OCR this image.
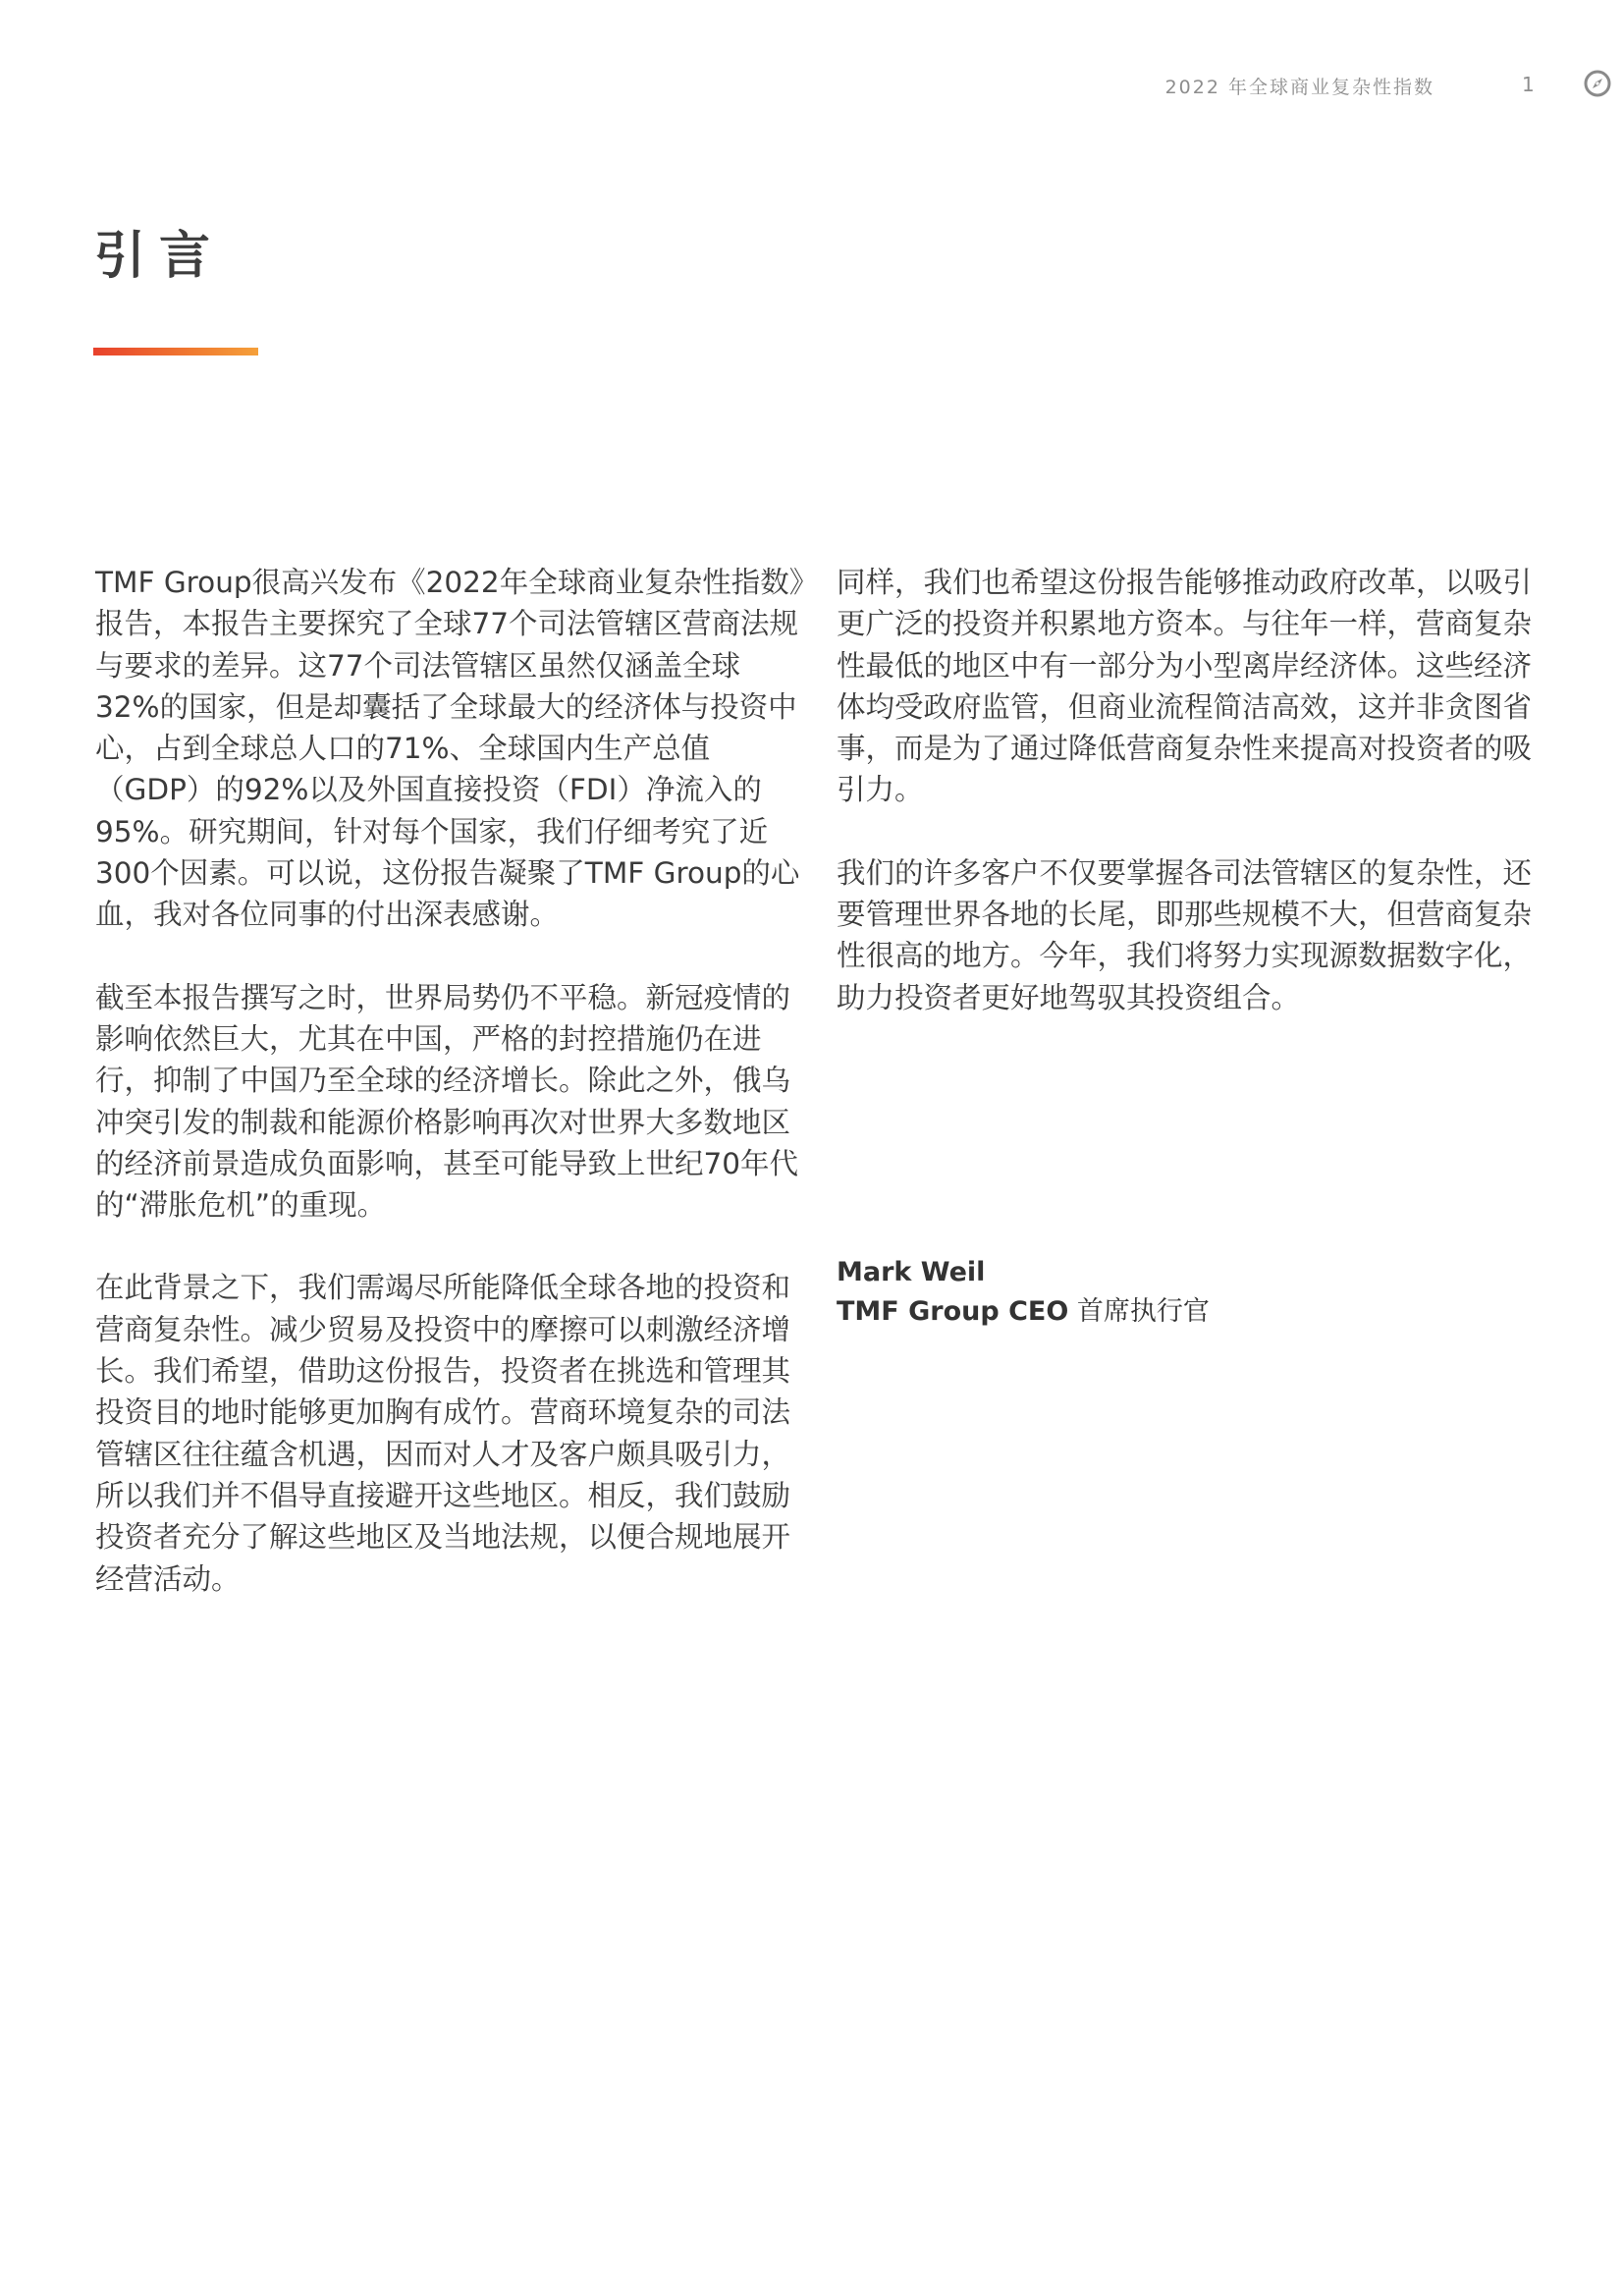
2022 年全球商业复杂性指数	1
引言

TMF Group很高兴发布《2022年全球商业复杂性指数》报告，本报告主要探究了全球77个司法管辖区营商法规与要求的差异。这77个司法管辖区虽然仅涵盖全球32%的国家，但是却囊括了全球最大的经济体与投资中心，占到全球总人口的71%、全球国内生产总值（GDP）的92%以及外国直接投资（FDI）净流入的95%。研究期间，针对每个国家，我们仔细考究了近300个因素。可以说，这份报告凝聚了TMF Group的心血，我对各位同事的付出深表感谢。

截至本报告撰写之时，世界局势仍不平稳。新冠疫情的影响依然巨大，尤其在中国，严格的封控措施仍在进行，抑制了中国乃至全球的经济增长。除此之外，俄乌冲突引发的制裁和能源价格影响再次对世界大多数地区的经济前景造成负面影响，甚至可能导致上世纪70年代的“滞胀危机”的重现。

在此背景之下，我们需竭尽所能降低全球各地的投资和营商复杂性。减少贸易及投资中的摩擦可以刺激经济增长。我们希望，借助这份报告，投资者在挑选和管理其投资目的地时能够更加胸有成竹。营商环境复杂的司法管辖区往往蕴含机遇，因而对人才及客户颇具吸引力，所以我们并不倡导直接避开这些地区。相反，我们鼓励投资者充分了解这些地区及当地法规，以便合规地展开经营活动。

同样，我们也希望这份报告能够推动政府改革，以吸引更广泛的投资并积累地方资本。与往年一样，营商复杂性最低的地区中有一部分为小型离岸经济体。这些经济体均受政府监管，但商业流程简洁高效，这并非贪图省事，而是为了通过降低营商复杂性来提高对投资者的吸引力。

我们的许多客户不仅要掌握各司法管辖区的复杂性，还要管理世界各地的长尾，即那些规模不大，但营商复杂性很高的地方。今年，我们将努力实现源数据数字化，助力投资者更好地驾驭其投资组合。

Mark Weil
TMF Group CEO 首席执行官
